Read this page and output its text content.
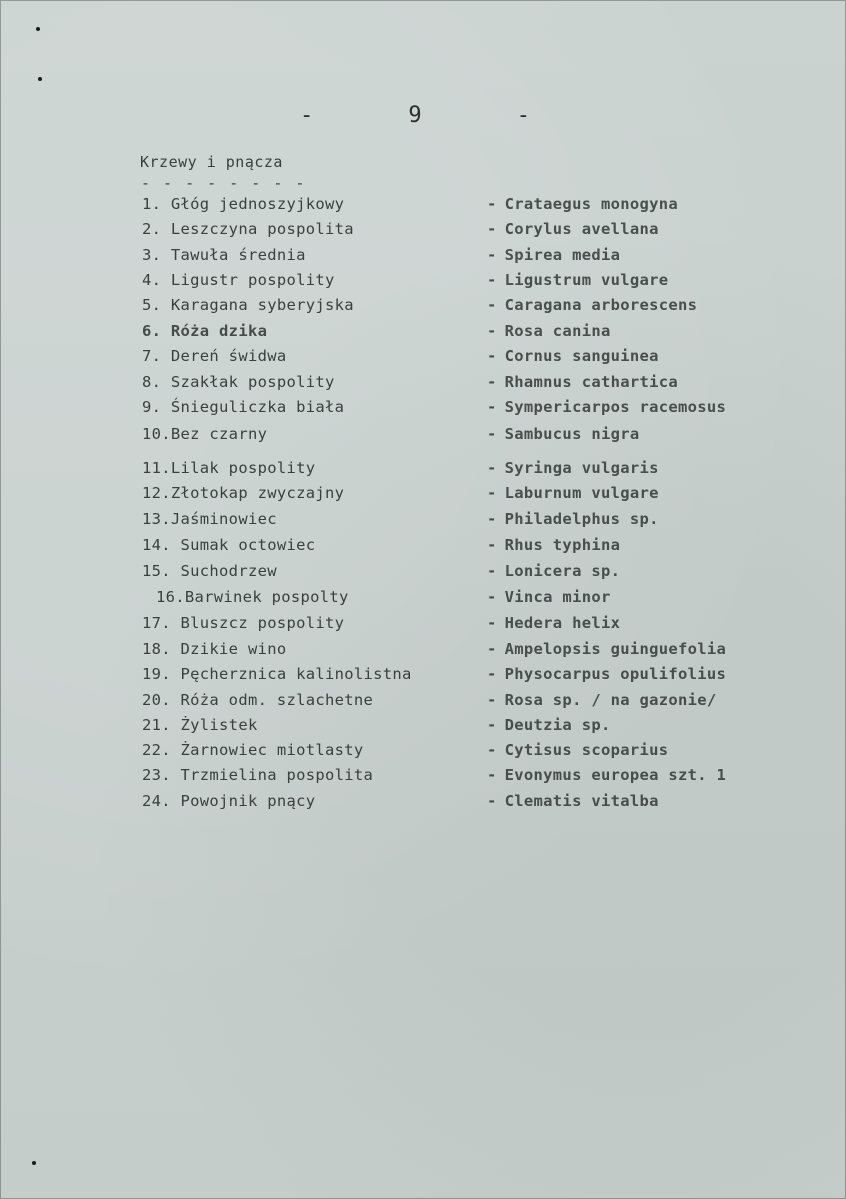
-	9	-
Krzewy i pnącza
- - - - - - - -
1. Głóg jednoszyjkowy	- Crataegus monogyna
2. Leszczyna pospolita	- Corylus avellana
3. Tawuła średnia	- Spirea media
4. Ligustr pospolity	- Ligustrum vulgare
5. Karagana syberyjska	- Caragana arborescens
6. Róża dzika	- Rosa canina
7. Dereń świdwa	- Cornus sanguinea
8. Szakłak pospolity	- Rhamnus cathartica
9. Śnieguliczka biała	- Sympericarpos racemosus
10.Bez czarny	- Sambucus nigra
11.Lilak pospolity	- Syringa vulgaris
12.Złotokap zwyczajny	- Laburnum vulgare
13.Jaśminowiec	- Philadelphus sp.
14. Sumak octowiec	- Rhus typhina
15. Suchodrzew	- Lonicera sp.
16.Barwinek pospolty	- Vinca minor
17. Bluszcz pospolity	- Hedera helix
18. Dzikie wino	- Ampelopsis guinguefolia
19. Pęcherznica kalinolistna	- Physocarpus opulifolius
20. Róża odm. szlachetne	- Rosa sp. / na gazonie/
21. Żylistek	- Deutzia sp.
22. Żarnowiec miotlasty	- Cytisus scoparius
23. Trzmielina pospolita	- Evonymus europea szt. 1
24. Powojnik pnący	- Clematis vitalba
